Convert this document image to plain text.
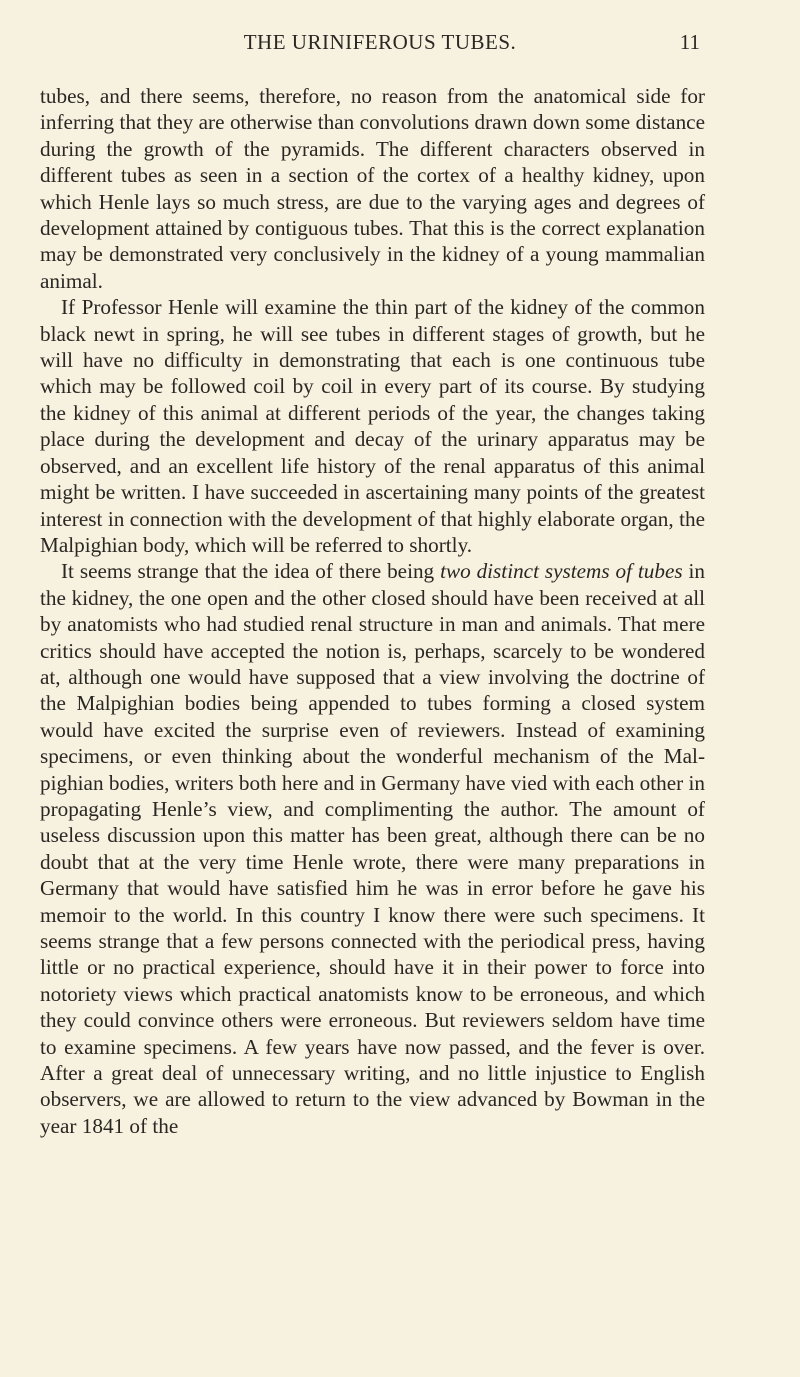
THE URINIFEROUS TUBES.	11

tubes, and there seems, therefore, no reason from the anatomical side for inferring that they are otherwise than convolutions drawn down some distance during the growth of the pyramids. The different characters observed in different tubes as seen in a section of the cortex of a healthy kidney, upon which Henle lays so much stress, are due to the varying ages and degrees of development attained by contiguous tubes. That this is the correct explanation may be demonstrated very conclusively in the kidney of a young mammalian animal.

If Professor Henle will examine the thin part of the kidney of the common black newt in spring, he will see tubes in different stages of growth, but he will have no difficulty in demonstrating that each is one continuous tube which may be followed coil by coil in every part of its course. By studying the kidney of this animal at different periods of the year, the changes taking place during the development and decay of the urinary apparatus may be observed, and an excellent life history of the renal apparatus of this animal might be written. I have succeeded in ascertaining many points of the greatest interest in connection with the development of that highly elaborate organ, the Malpighian body, which will be referred to shortly.

It seems strange that the idea of there being two distinct systems of tubes in the kidney, the one open and the other closed should have been received at all by anatomists who had studied renal structure in man and animals. That mere critics should have accepted the notion is, perhaps, scarcely to be wondered at, although one would have supposed that a view involving the doctrine of the Malpighian bodies being appended to tubes forming a closed system would have excited the surprise even of reviewers. Instead of examining specimens, or even thinking about the wonderful mechanism of the Malpighian bodies, writers both here and in Germany have vied with each other in propagating Henle’s view, and complimenting the author. The amount of useless discussion upon this matter has been great, although there can be no doubt that at the very time Henle wrote, there were many preparations in Germany that would have satisfied him he was in error before he gave his memoir to the world. In this country I know there were such specimens. It seems strange that a few persons connected with the periodical press, having little or no practical experience, should have it in their power to force into notoriety views which practical anatomists know to be erroneous, and which they could convince others were erroneous. But reviewers seldom have time to examine specimens. A few years have now passed, and the fever is over. After a great deal of unnecessary writing, and no little injustice to English observers, we are allowed to return to the view advanced by Bowman in the year 1841 of the
